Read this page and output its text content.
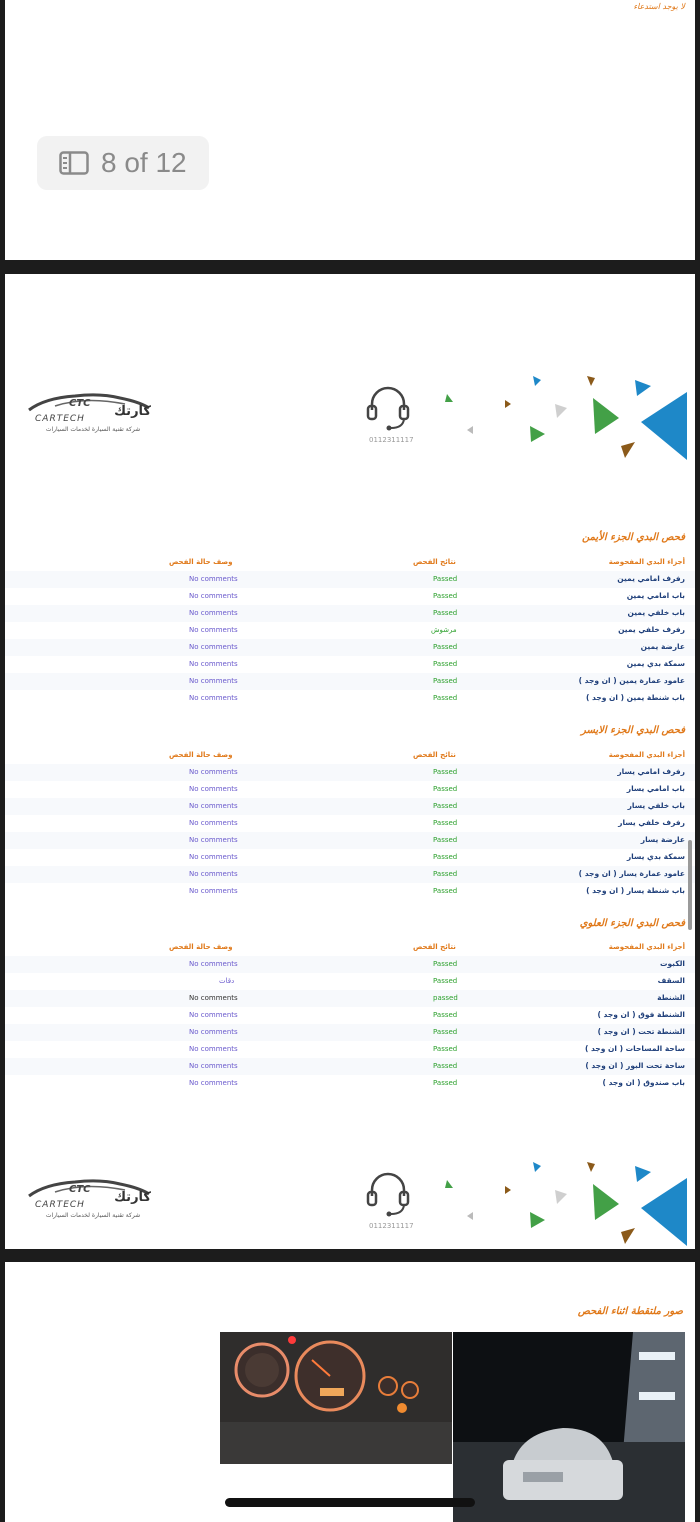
لا يوجد استدعاء
8 of 12
CTC
كارتك
CARTECH
شركة تقنية السيارة لخدمات السيارات
0112311117
فحص البدي الجزء الأيمن
أجزاء البدي المفحوصة
نتائج الفحص
وصف حالة الفحص
رفرف امامي يمين
Passed
No comments
باب امامي يمين
Passed
No comments
باب خلفي يمين
Passed
No comments
رفرف خلفي يمين
مرشوش
No comments
عارضة يمين
Passed
No comments
سمكة بدي يمين
Passed
No comments
عامود عمارة يمين ( ان وجد )
Passed
No comments
باب شنطة يمين ( ان وجد )
Passed
No comments
فحص البدي الجزء الايسر
أجزاء البدي المفحوصة
نتائج الفحص
وصف حالة الفحص
رفرف امامي يسار
Passed
No comments
باب امامي يسار
Passed
No comments
باب خلفي يسار
Passed
No comments
رفرف خلفي يسار
Passed
No comments
عارضة يسار
Passed
No comments
سمكة بدي يسار
Passed
No comments
عامود عمارة يسار ( ان وجد )
Passed
No comments
باب شنطة يسار ( ان وجد )
Passed
No comments
فحص البدي الجزء العلوي
أجزاء البدي المفحوصة
نتائج الفحص
وصف حالة الفحص
الكبوت
Passed
No comments
السقف
Passed
دقات
الشنطة
passed
No comments
الشنطة فوق ( ان وجد )
Passed
No comments
الشنطة تحت ( ان وجد )
Passed
No comments
ساحة المساحات ( ان وجد )
Passed
No comments
ساحة تحت البور ( ان وجد )
Passed
No comments
باب صندوق ( ان وجد )
Passed
No comments
CTC
كارتك
CARTECH
شركة تقنية السيارة لخدمات السيارات
0112311117
صور ملتقطة اثناء الفحص
